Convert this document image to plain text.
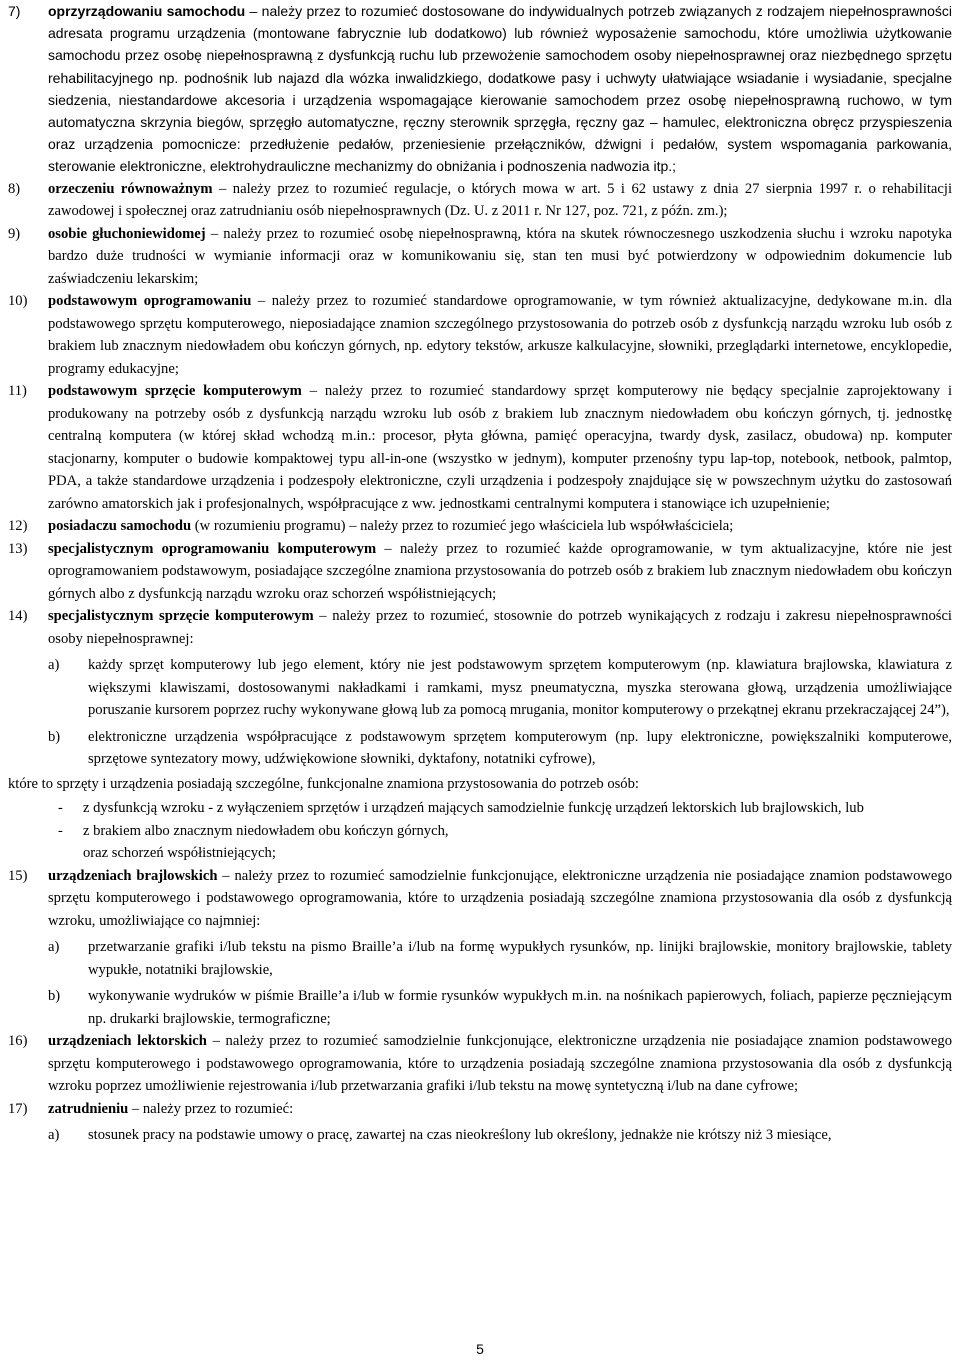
7)	oprzyrządowaniu samochodu – należy przez to rozumieć dostosowane do indywidualnych potrzeb związanych z rodzajem niepełnosprawności adresata programu urządzenia (montowane fabrycznie lub dodatkowo) lub również wyposażenie samochodu, które umożliwia użytkowanie samochodu przez osobę niepełnosprawną z dysfunkcją ruchu lub przewożenie samochodem osoby niepełnosprawnej oraz niezbędnego sprzętu rehabilitacyjnego np. podnośnik lub najazd dla wózka inwalidzkiego, dodatkowe pasy i uchwyty ułatwiające wsiadanie i wysiadanie, specjalne siedzenia, niestandardowe akcesoria i urządzenia wspomagające kierowanie samochodem przez osobę niepełnosprawną ruchowo, w tym automatyczna skrzynia biegów, sprzęgło automatyczne, ręczny sterownik sprzęgła, ręczny gaz – hamulec, elektroniczna obręcz przyspieszenia oraz urządzenia pomocnicze: przedłużenie pedałów, przeniesienie przełączników, dźwigni i pedałów, system wspomagania parkowania, sterowanie elektroniczne, elektrohydrauliczne mechanizmy do obniżania i podnoszenia nadwozia itp.;
8)	orzeczeniu równoważnym – należy przez to rozumieć regulacje, o których mowa w art. 5 i 62 ustawy z dnia 27 sierpnia 1997 r. o rehabilitacji zawodowej i społecznej oraz zatrudnianiu osób niepełnosprawnych (Dz. U. z 2011 r. Nr 127, poz. 721, z późn. zm.);
9)	osobie głuchoniewidomej – należy przez to rozumieć osobę niepełnosprawną, która na skutek równoczesnego uszkodzenia słuchu i wzroku napotyka bardzo duże trudności w wymianie informacji oraz w komunikowaniu się, stan ten musi być potwierdzony w odpowiednim dokumencie lub zaświadczeniu lekarskim;
10)	podstawowym oprogramowaniu – należy przez to rozumieć standardowe oprogramowanie, w tym również aktualizacyjne, dedykowane m.in. dla podstawowego sprzętu komputerowego, nieposiadające znamion szczególnego przystosowania do potrzeb osób z dysfunkcją narządu wzroku lub osób z brakiem lub znacznym niedowładem obu kończyn górnych, np. edytory tekstów, arkusze kalkulacyjne, słowniki, przeglądarki internetowe, encyklopedie, programy edukacyjne;
11)	podstawowym sprzęcie komputerowym – należy przez to rozumieć standardowy sprzęt komputerowy nie będący specjalnie zaprojektowany i produkowany na potrzeby osób z dysfunkcją narządu wzroku lub osób z brakiem lub znacznym niedowładem obu kończyn górnych, tj. jednostkę centralną komputera (w której skład wchodzą m.in.: procesor, płyta główna, pamięć operacyjna, twardy dysk, zasilacz, obudowa) np. komputer stacjonarny, komputer o budowie kompaktowej typu all-in-one (wszystko w jednym), komputer przenośny typu lap-top, notebook, netbook, palmtop, PDA, a także standardowe urządzenia i podzespoły elektroniczne, czyli urządzenia i podzespoły znajdujące się w powszechnym użytku do zastosowań zarówno amatorskich jak i profesjonalnych, współpracujące z ww. jednostkami centralnymi komputera i stanowiące ich uzupełnienie;
12)	posiadaczu samochodu (w rozumieniu programu) – należy przez to rozumieć jego właściciela lub współwłaściciela;
13)	specjalistycznym oprogramowaniu komputerowym – należy przez to rozumieć każde oprogramowanie, w tym aktualizacyjne, które nie jest oprogramowaniem podstawowym, posiadające szczególne znamiona przystosowania do potrzeb osób z brakiem lub znacznym niedowładem obu kończyn górnych albo z dysfunkcją narządu wzroku oraz schorzeń współistniejących;
14)	specjalistycznym sprzęcie komputerowym – należy przez to rozumieć, stosownie do potrzeb wynikających z rodzaju i zakresu niepełnosprawności osoby niepełnosprawnej:
a)	każdy sprzęt komputerowy lub jego element, który nie jest podstawowym sprzętem komputerowym (np. klawiatura brajlowska, klawiatura z większymi klawiszami, dostosowanymi nakładkami i ramkami, mysz pneumatyczna, myszka sterowana głową, urządzenia umożliwiające poruszanie kursorem poprzez ruchy wykonywane głową lub za pomocą mrugania, monitor komputerowy o przekątnej ekranu przekraczającej 24”),
b)	elektroniczne urządzenia współpracujące z podstawowym sprzętem komputerowym (np. lupy elektroniczne, powiększalniki komputerowe, sprzętowe syntezatory mowy, udźwiękowione słowniki, dyktafony, notatniki cyfrowe),
które to sprzęty i urządzenia posiadają szczególne, funkcjonalne znamiona przystosowania do potrzeb osób:
-	z dysfunkcją wzroku - z wyłączeniem sprzętów i urządzeń mających samodzielnie funkcję urządzeń lektorskich lub brajlowskich, lub
-	z brakiem albo znacznym niedowładem obu kończyn górnych,
oraz schorzeń współistniejących;
15)	urządzeniach brajlowskich – należy przez to rozumieć samodzielnie funkcjonujące, elektroniczne urządzenia nie posiadające znamion podstawowego sprzętu komputerowego i podstawowego oprogramowania, które to urządzenia posiadają szczególne znamiona przystosowania dla osób z dysfunkcją wzroku, umożliwiające co najmniej:
a)	przetwarzanie grafiki i/lub tekstu na pismo Braille’a i/lub na formę wypukłych rysunków, np. linijki brajlowskie, monitory brajlowskie, tablety wypukłe, notatniki brajlowskie,
b)	wykonywanie wydruków w piśmie Braille’a i/lub w formie rysunków wypukłych m.in. na nośnikach papierowych, foliach, papierze pęczniejącym np. drukarki brajlowskie, termograficzne;
16)	urządzeniach lektorskich – należy przez to rozumieć samodzielnie funkcjonujące, elektroniczne urządzenia nie posiadające znamion podstawowego sprzętu komputerowego i podstawowego oprogramowania, które to urządzenia posiadają szczególne znamiona przystosowania dla osób z dysfunkcją wzroku poprzez umożliwienie rejestrowania i/lub przetwarzania grafiki i/lub tekstu na mowę syntetyczną i/lub na dane cyfrowe;
17)	zatrudnieniu – należy przez to rozumieć:
a)	stosunek pracy na podstawie umowy o pracę, zawartej na czas nieokreślony lub określony, jednakże nie krótszy niż 3 miesiące,
5
